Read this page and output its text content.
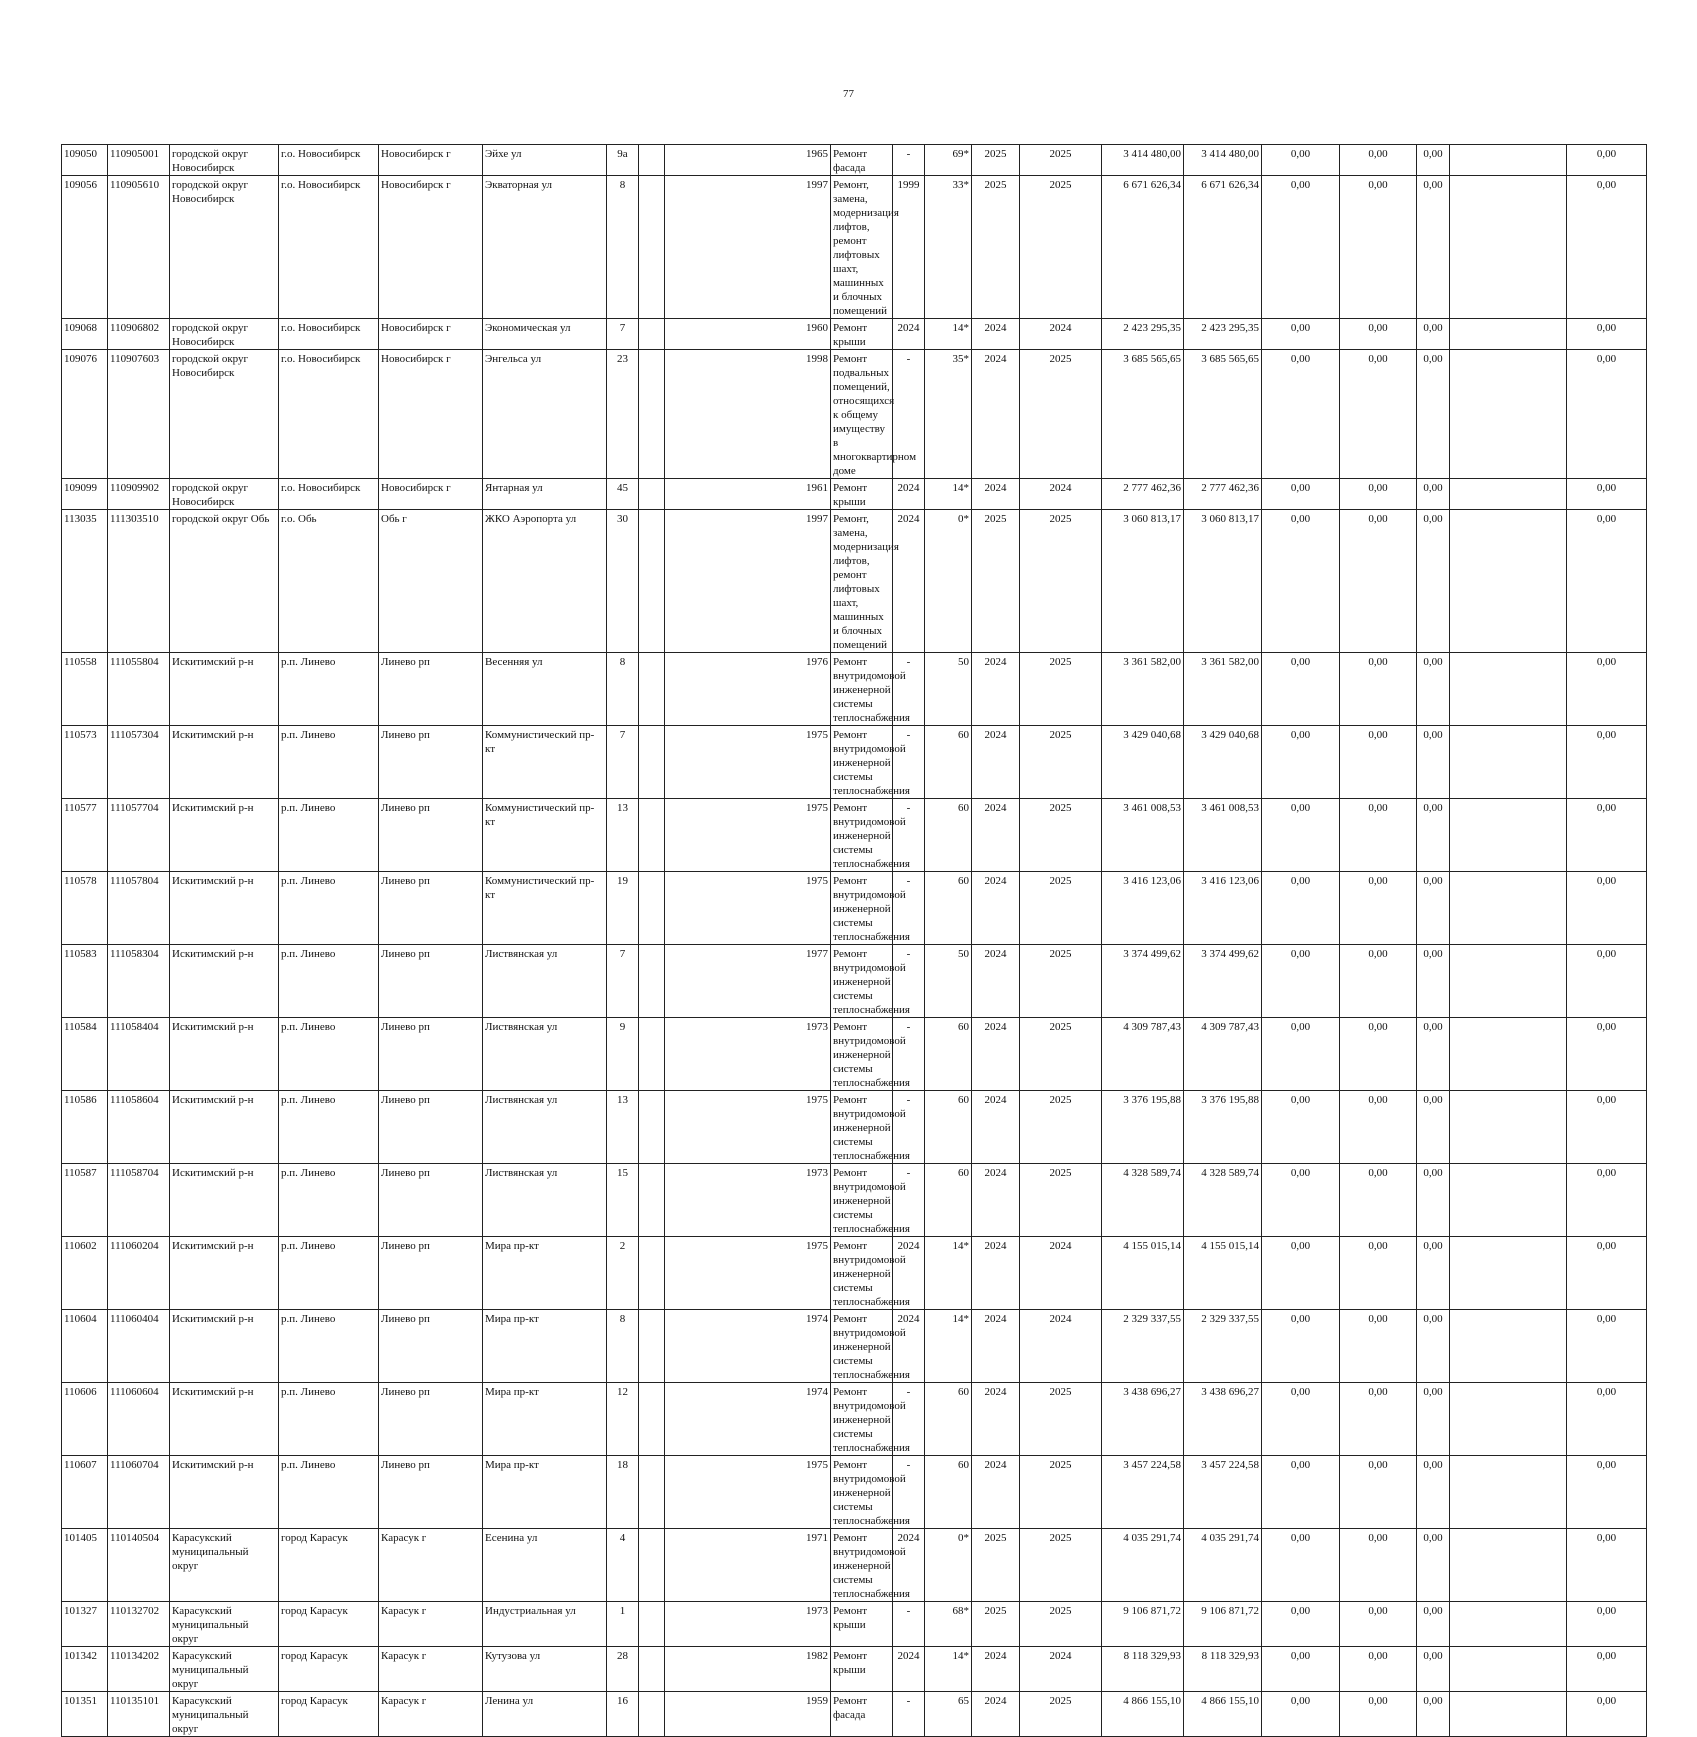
77
109050	110905001	городской округ Новосибирск	г.о. Новосибирск	Новосибирск г	Эйхе ул	9а		1965	Ремонт фасада	-	69*	2025	2025	3 414 480,00	3 414 480,00	0,00	0,00	0,00		0,00	
109056	110905610	городской округ Новосибирск	г.о. Новосибирск	Новосибирск г	Экваторная ул	8		1997	Ремонт, замена, модернизация лифтов, ремонт лифтовых шахт, машинных и блочных помещений	1999	33*	2025	2025	6 671 626,34	6 671 626,34	0,00	0,00	0,00		0,00	
109068	110906802	городской округ Новосибирск	г.о. Новосибирск	Новосибирск г	Экономическая ул	7		1960	Ремонт крыши	2024	14*	2024	2024	2 423 295,35	2 423 295,35	0,00	0,00	0,00		0,00	
109076	110907603	городской округ Новосибирск	г.о. Новосибирск	Новосибирск г	Энгельса ул	23		1998	Ремонт подвальных помещений, относящихся к общему имуществу в многоквартирном доме	-	35*	2024	2025	3 685 565,65	3 685 565,65	0,00	0,00	0,00		0,00	
109099	110909902	городской округ Новосибирск	г.о. Новосибирск	Новосибирск г	Янтарная ул	45		1961	Ремонт крыши	2024	14*	2024	2024	2 777 462,36	2 777 462,36	0,00	0,00	0,00		0,00	
113035	111303510	городской округ Обь	г.о. Обь	Обь г	ЖКО Аэропорта ул	30		1997	Ремонт, замена, модернизация лифтов, ремонт лифтовых шахт, машинных и блочных помещений	2024	0*	2025	2025	3 060 813,17	3 060 813,17	0,00	0,00	0,00		0,00	
110558	111055804	Искитимский р-н	р.п. Линево	Линево рп	Весенняя ул	8		1976	Ремонт внутридомовой инженерной системы теплоснабжения	-	50	2024	2025	3 361 582,00	3 361 582,00	0,00	0,00	0,00		0,00	
110573	111057304	Искитимский р-н	р.п. Линево	Линево рп	Коммунистический пр-кт	7		1975	Ремонт внутридомовой инженерной системы теплоснабжения	-	60	2024	2025	3 429 040,68	3 429 040,68	0,00	0,00	0,00		0,00	
110577	111057704	Искитимский р-н	р.п. Линево	Линево рп	Коммунистический пр-кт	13		1975	Ремонт внутридомовой инженерной системы теплоснабжения	-	60	2024	2025	3 461 008,53	3 461 008,53	0,00	0,00	0,00		0,00	
110578	111057804	Искитимский р-н	р.п. Линево	Линево рп	Коммунистический пр-кт	19		1975	Ремонт внутридомовой инженерной системы теплоснабжения	-	60	2024	2025	3 416 123,06	3 416 123,06	0,00	0,00	0,00		0,00	
110583	111058304	Искитимский р-н	р.п. Линево	Линево рп	Листвянская ул	7		1977	Ремонт внутридомовой инженерной системы теплоснабжения	-	50	2024	2025	3 374 499,62	3 374 499,62	0,00	0,00	0,00		0,00	
110584	111058404	Искитимский р-н	р.п. Линево	Линево рп	Листвянская ул	9		1973	Ремонт внутридомовой инженерной системы теплоснабжения	-	60	2024	2025	4 309 787,43	4 309 787,43	0,00	0,00	0,00		0,00	
110586	111058604	Искитимский р-н	р.п. Линево	Линево рп	Листвянская ул	13		1975	Ремонт внутридомовой инженерной системы теплоснабжения	-	60	2024	2025	3 376 195,88	3 376 195,88	0,00	0,00	0,00		0,00	
110587	111058704	Искитимский р-н	р.п. Линево	Линево рп	Листвянская ул	15		1973	Ремонт внутридомовой инженерной системы теплоснабжения	-	60	2024	2025	4 328 589,74	4 328 589,74	0,00	0,00	0,00		0,00	
110602	111060204	Искитимский р-н	р.п. Линево	Линево рп	Мира пр-кт	2		1975	Ремонт внутридомовой инженерной системы теплоснабжения	2024	14*	2024	2024	4 155 015,14	4 155 015,14	0,00	0,00	0,00		0,00	
110604	111060404	Искитимский р-н	р.п. Линево	Линево рп	Мира пр-кт	8		1974	Ремонт внутридомовой инженерной системы теплоснабжения	2024	14*	2024	2024	2 329 337,55	2 329 337,55	0,00	0,00	0,00		0,00	
110606	111060604	Искитимский р-н	р.п. Линево	Линево рп	Мира пр-кт	12		1974	Ремонт внутридомовой инженерной системы теплоснабжения	-	60	2024	2025	3 438 696,27	3 438 696,27	0,00	0,00	0,00		0,00	
110607	111060704	Искитимский р-н	р.п. Линево	Линево рп	Мира пр-кт	18		1975	Ремонт внутридомовой инженерной системы теплоснабжения	-	60	2024	2025	3 457 224,58	3 457 224,58	0,00	0,00	0,00		0,00	
101405	110140504	Карасукский муниципальный округ	город Карасук	Карасук г	Есенина ул	4		1971	Ремонт внутридомовой инженерной системы теплоснабжения	2024	0*	2025	2025	4 035 291,74	4 035 291,74	0,00	0,00	0,00		0,00	
101327	110132702	Карасукский муниципальный округ	город Карасук	Карасук г	Индустриальная ул	1		1973	Ремонт крыши	-	68*	2025	2025	9 106 871,72	9 106 871,72	0,00	0,00	0,00		0,00	
101342	110134202	Карасукский муниципальный округ	город Карасук	Карасук г	Кутузова ул	28		1982	Ремонт крыши	2024	14*	2024	2024	8 118 329,93	8 118 329,93	0,00	0,00	0,00		0,00	
101351	110135101	Карасукский муниципальный округ	город Карасук	Карасук г	Ленина ул	16		1959	Ремонт фасада	-	65	2024	2025	4 866 155,10	4 866 155,10	0,00	0,00	0,00		0,00	
